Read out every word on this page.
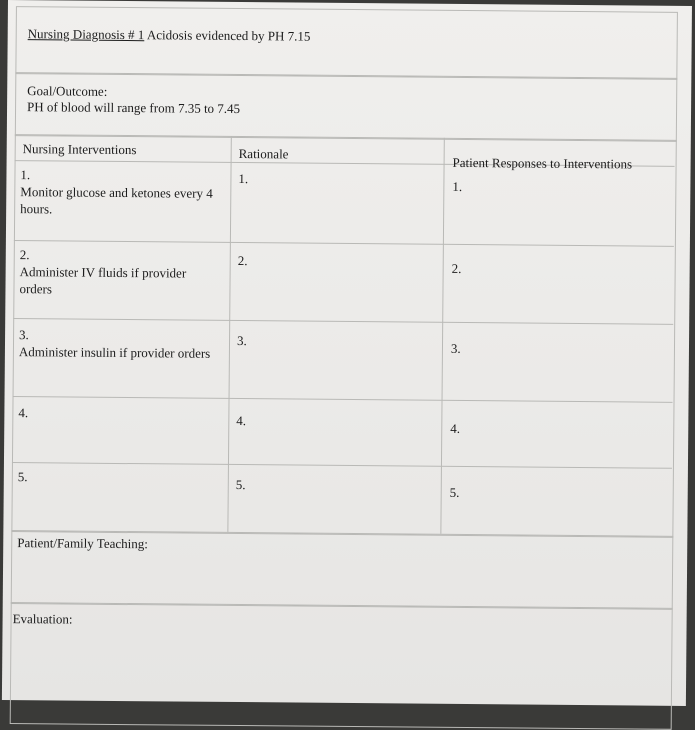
Nursing Diagnosis # 1 Acidosis evidenced by PH 7.15
Goal/Outcome:
PH of blood will range from 7.35 to 7.45
Nursing Interventions	Rationale
Patient Responses to Interventions
1.
Monitor glucose and ketones every 4 hours.
1.
1.
2.
Administer IV fluids if provider orders
2.
2.
3.
Administer insulin if provider orders
3.
3.
4.
4.
4.
5.
5.
5.
Patient/Family Teaching:
Evaluation:
